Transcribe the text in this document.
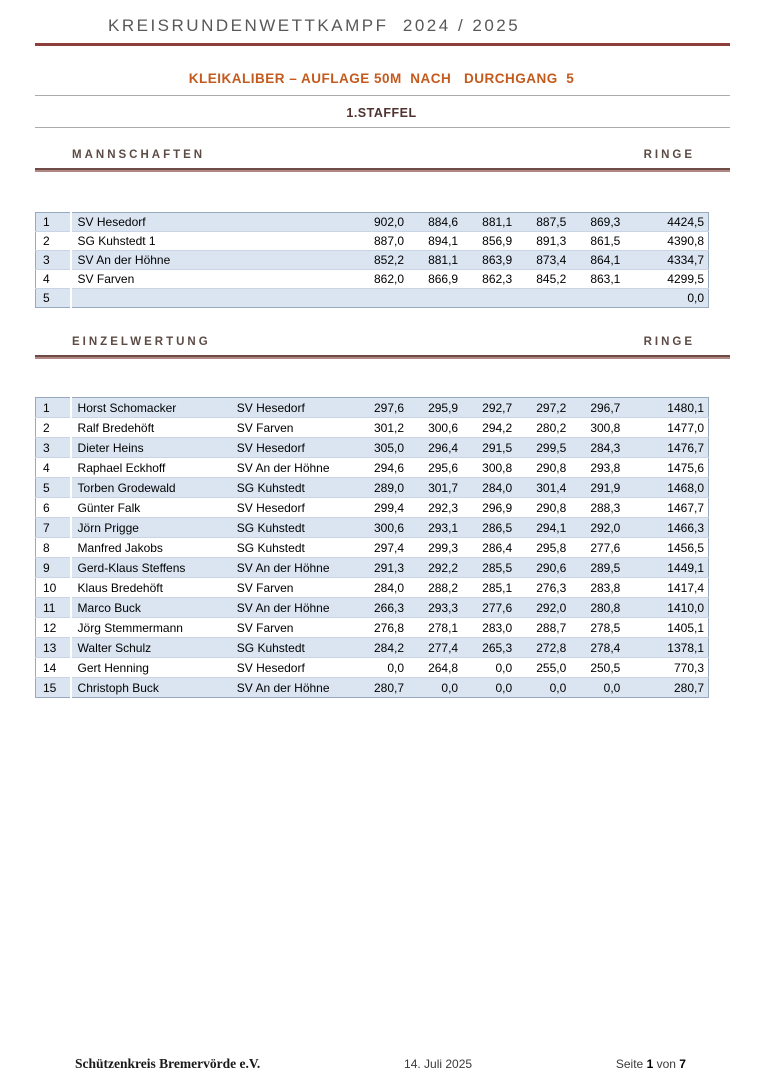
KREISRUNDENWETTKAMPF  2024 / 2025
KLEIKALIBER – AUFLAGE 50M  NACH   DURCHGANG  5
1.STAFFEL
MANNSCHAFTEN	RINGE
1	SV Hesedorf	902,0	884,6	881,1	887,5	869,3	4424,5
2	SG Kuhstedt 1	887,0	894,1	856,9	891,3	861,5	4390,8
3	SV An der Höhne	852,2	881,1	863,9	873,4	864,1	4334,7
4	SV Farven	862,0	866,9	862,3	845,2	863,1	4299,5
5							0,0
EINZELWERTUNG	RINGE
1	Horst Schomacker	SV Hesedorf	297,6	295,9	292,7	297,2	296,7	1480,1
2	Ralf Bredehöft	SV Farven	301,2	300,6	294,2	280,2	300,8	1477,0
3	Dieter Heins	SV Hesedorf	305,0	296,4	291,5	299,5	284,3	1476,7
4	Raphael Eckhoff	SV An der Höhne	294,6	295,6	300,8	290,8	293,8	1475,6
5	Torben Grodewald	SG Kuhstedt	289,0	301,7	284,0	301,4	291,9	1468,0
6	Günter Falk	SV Hesedorf	299,4	292,3	296,9	290,8	288,3	1467,7
7	Jörn Prigge	SG Kuhstedt	300,6	293,1	286,5	294,1	292,0	1466,3
8	Manfred Jakobs	SG Kuhstedt	297,4	299,3	286,4	295,8	277,6	1456,5
9	Gerd-Klaus Steffens	SV An der Höhne	291,3	292,2	285,5	290,6	289,5	1449,1
10	Klaus Bredehöft	SV Farven	284,0	288,2	285,1	276,3	283,8	1417,4
11	Marco Buck	SV An der Höhne	266,3	293,3	277,6	292,0	280,8	1410,0
12	Jörg Stemmermann	SV Farven	276,8	278,1	283,0	288,7	278,5	1405,1
13	Walter Schulz	SG Kuhstedt	284,2	277,4	265,3	272,8	278,4	1378,1
14	Gert Henning	SV Hesedorf	0,0	264,8	0,0	255,0	250,5	770,3
15	Christoph Buck	SV An der Höhne	280,7	0,0	0,0	0,0	0,0	280,7
Schützenkreis Bremervörde e.V.	14. Juli 2025	Seite 1 von 7
